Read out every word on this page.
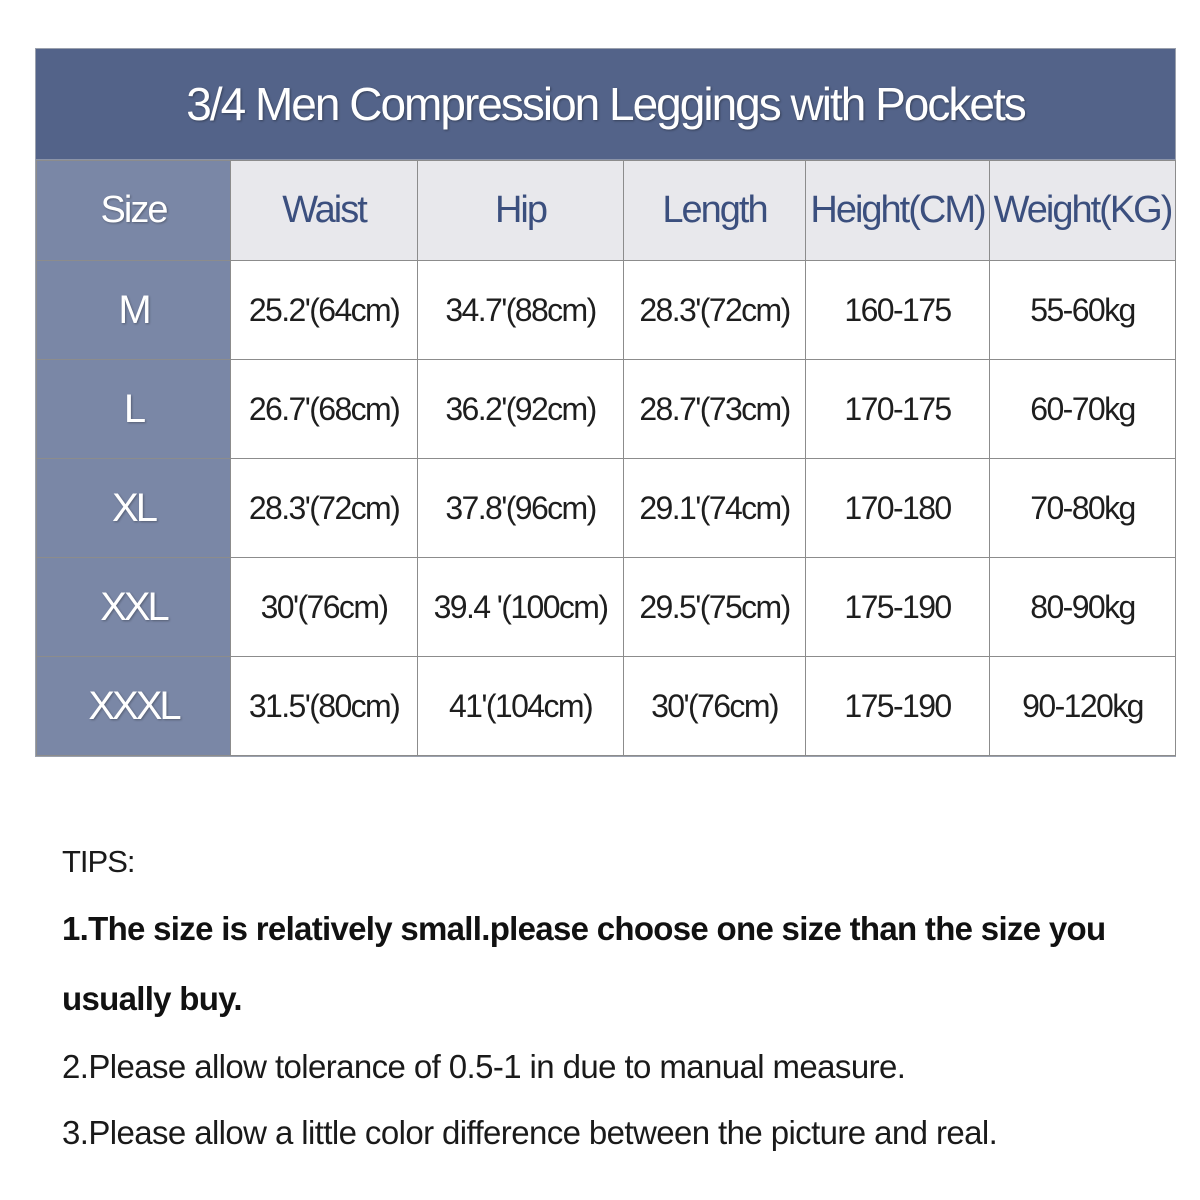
3/4 Men Compression Leggings with Pockets
Size	Waist	Hip	Length	Height(CM)	Weight(KG)
M	25.2'(64cm)	34.7'(88cm)	28.3'(72cm)	160-175	55-60kg
L	26.7'(68cm)	36.2'(92cm)	28.7'(73cm)	170-175	60-70kg
XL	28.3'(72cm)	37.8'(96cm)	29.1'(74cm)	170-180	70-80kg
XXL	30'(76cm)	39.4 '(100cm)	29.5'(75cm)	175-190	80-90kg
XXXL	31.5'(80cm)	41'(104cm)	30'(76cm)	175-190	90-120kg

TIPS:

1.The size is relatively small.please choose one size than the size you usually buy.

2.Please allow tolerance of 0.5-1 in due to manual measure.

3.Please allow a little color difference between the picture and real.
